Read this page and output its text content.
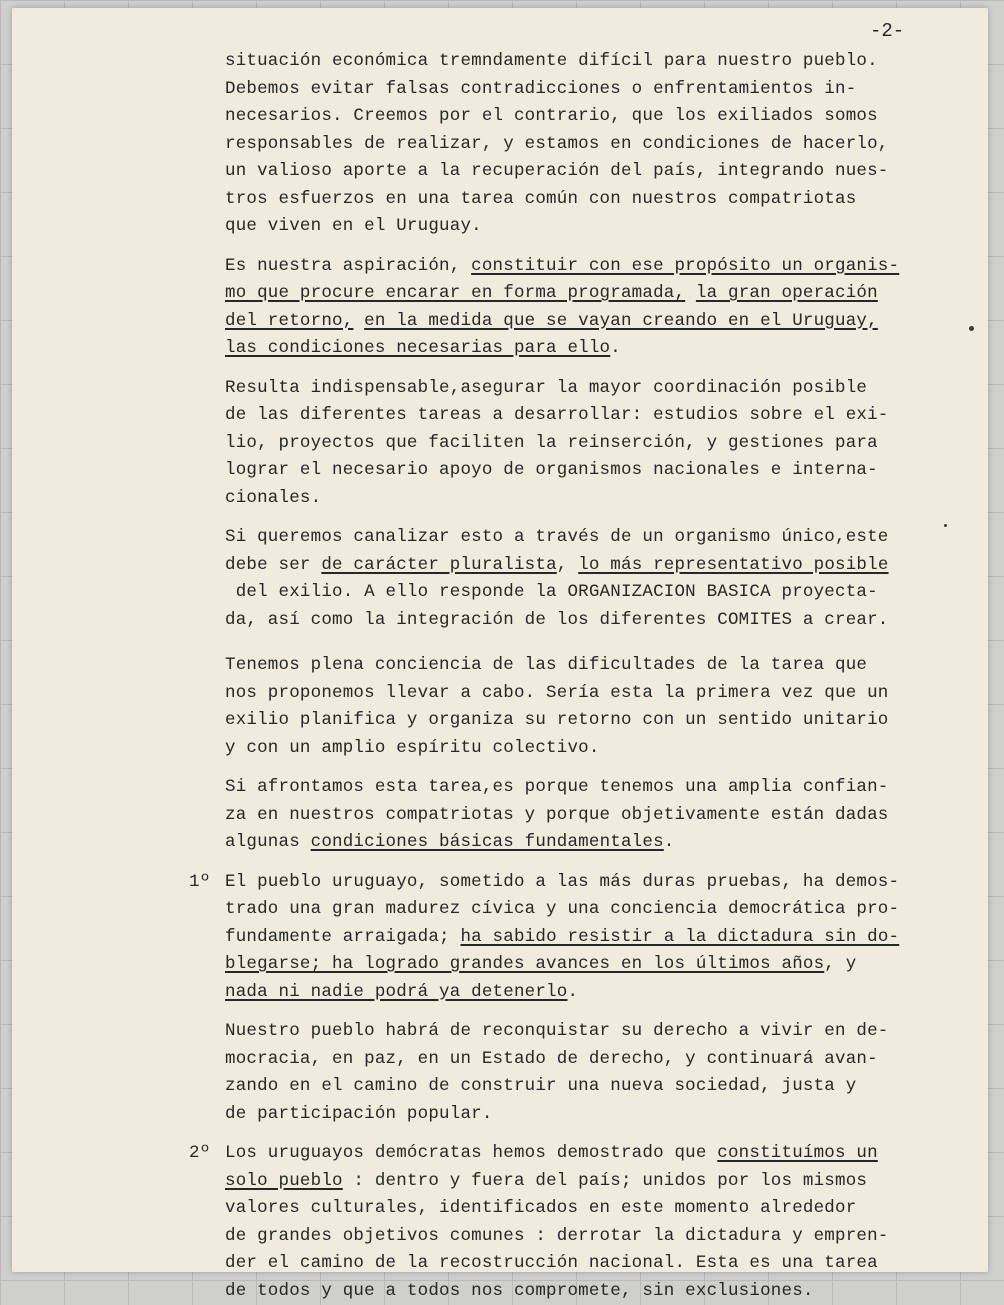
-2-
situación económica tremndamente difícil para nuestro pueblo.
Debemos evitar falsas contradicciones o enfrentamientos in-
necesarios. Creemos por el contrario, que los exiliados somos
responsables de realizar, y estamos en condiciones de hacerlo,
un valioso aporte a la recuperación del país, integrando nues-
tros esfuerzos en una tarea común con nuestros compatriotas
que viven en el Uruguay.
Es nuestra aspiración, constituir con ese propósito un organis-
mo que procure encarar en forma programada, la gran operación
del retorno, en la medida que se vayan creando en el Uruguay,
las condiciones necesarias para ello.
Resulta indispensable,asegurar la mayor coordinación posible
de las diferentes tareas a desarrollar: estudios sobre el exi-
lio, proyectos que faciliten la reinserción, y gestiones para
lograr el necesario apoyo de organismos nacionales e interna-
cionales.
Si queremos canalizar esto a través de un organismo único,este
debe ser de carácter pluralista, lo más representativo posible
del exilio. A ello responde la ORGANIZACION BASICA proyecta-
da, así como la integración de los diferentes COMITES a crear.
Tenemos plena conciencia de las dificultades de la tarea que
nos proponemos llevar a cabo. Sería esta la primera vez que un
exilio planifica y organiza su retorno con un sentido unitario
y con un amplio espíritu colectivo.
Si afrontamos esta tarea,es porque tenemos una amplia confian-
za en nuestros compatriotas y porque objetivamente están dadas
algunas condiciones básicas fundamentales.
1º El pueblo uruguayo, sometido a las más duras pruebas, ha demos-
trado una gran madurez cívica y una conciencia democrática pro-
fundamente arraigada; ha sabido resistir a la dictadura sin do-
blegarse; ha logrado grandes avances en los últimos años, y
nada ni nadie podrá ya detenerlo.
Nuestro pueblo habrá de reconquistar su derecho a vivir en de-
mocracia, en paz, en un Estado de derecho, y continuará avan-
zando en el camino de construir una nueva sociedad, justa y
de participación popular.
2º Los uruguayos demócratas hemos demostrado que constituímos un
solo pueblo : dentro y fuera del país; unidos por los mismos
valores culturales, identificados en este momento alrededor
de grandes objetivos comunes : derrotar la dictadura y empren-
der el camino de la recostrucción nacional. Esta es una tarea
de todos y que a todos nos compromete, sin exclusiones.
